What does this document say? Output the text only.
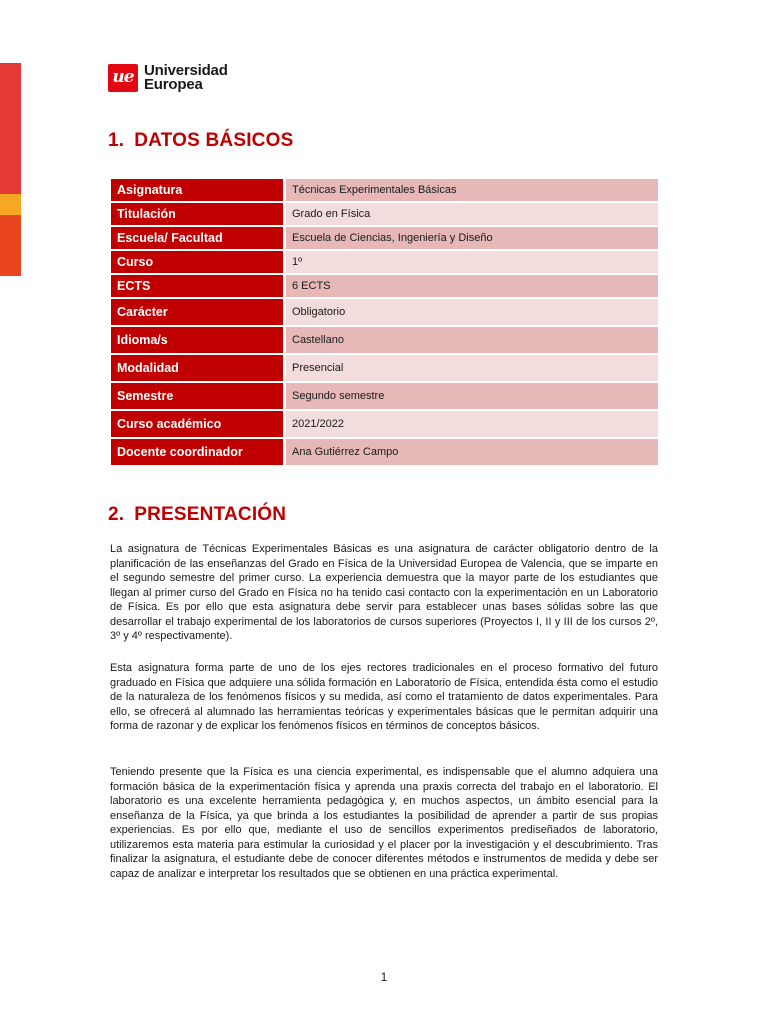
ue Universidad
Europea
1. DATOS BÁSICOS
Asignatura	Técnicas Experimentales Básicas
Titulación	Grado en Física
Escuela/ Facultad	Escuela de Ciencias, Ingeniería y Diseño
Curso	1º
ECTS	6 ECTS
Carácter	Obligatorio
Idioma/s	Castellano
Modalidad	Presencial
Semestre	Segundo semestre
Curso académico	2021/2022
Docente coordinador	Ana Gutiérrez Campo
2. PRESENTACIÓN

La asignatura de Técnicas Experimentales Básicas es una asignatura de carácter obligatorio dentro de la planificación de las enseñanzas del Grado en Física de la Universidad Europea de Valencia, que se imparte en el segundo semestre del primer curso. La experiencia demuestra que la mayor parte de los estudiantes que llegan al primer curso del Grado en Física no ha tenido casi contacto con la experimentación en un Laboratorio de Física. Es por ello que esta asignatura debe servir para establecer unas bases sólidas sobre las que desarrollar el trabajo experimental de los laboratorios de cursos superiores (Proyectos I, II y III de los cursos 2º, 3º y 4º respectivamente).

Esta asignatura forma parte de uno de los ejes rectores tradicionales en el proceso formativo del futuro graduado en Física que adquiere una sólida formación en Laboratorio de Física, entendida ésta como el estudio de la naturaleza de los fenómenos físicos y su medida, así como el tratamiento de datos experimentales. Para ello, se ofrecerá al alumnado las herramientas teóricas y experimentales básicas que le permitan adquirir una forma de razonar y de explicar los fenómenos físicos en términos de conceptos básicos.

Teniendo presente que la Física es una ciencia experimental, es indispensable que el alumno adquiera una formación básica de la experimentación física y aprenda una praxis correcta del trabajo en el laboratorio. El laboratorio es una excelente herramienta pedagógica y, en muchos aspectos, un ámbito esencial para la enseñanza de la Física, ya que brinda a los estudiantes la posibilidad de aprender a partir de sus propias experiencias. Es por ello que, mediante el uso de sencillos experimentos prediseñados de laboratorio, utilizaremos esta materia para estimular la curiosidad y el placer por la investigación y el descubrimiento. Tras finalizar la asignatura, el estudiante debe de conocer diferentes métodos e instrumentos de medida y debe ser capaz de analizar e interpretar los resultados que se obtienen en una práctica experimental.

1
